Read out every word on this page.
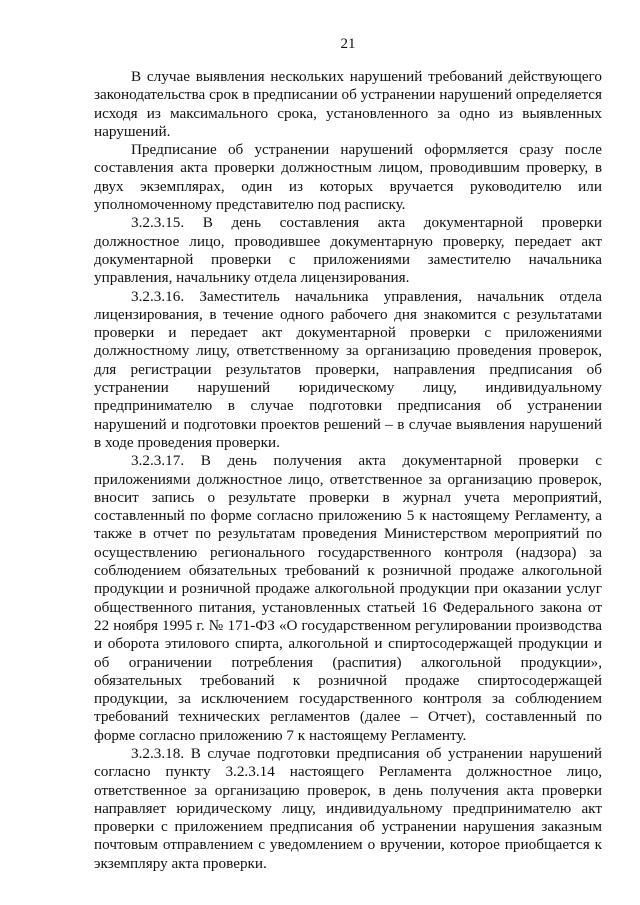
21

В случае выявления нескольких нарушений требований действующего законодательства срок в предписании об устранении нарушений определяется исходя из максимального срока, установленного за одно из выявленных нарушений.

Предписание об устранении нарушений оформляется сразу после составления акта проверки должностным лицом, проводившим проверку, в двух экземплярах, один из которых вручается руководителю или уполномоченному представителю под расписку.

3.2.3.15. В день составления акта документарной проверки должностное лицо, проводившее документарную проверку, передает акт документарной проверки с приложениями заместителю начальника управления, начальнику отдела лицензирования.

3.2.3.16. Заместитель начальника управления, начальник отдела лицензирования, в течение одного рабочего дня знакомится с результатами проверки и передает акт документарной проверки с приложениями должностному лицу, ответственному за организацию проведения проверок, для регистрации результатов проверки, направления предписания об устранении нарушений юридическому лицу, индивидуальному предпринимателю в случае подготовки предписания об устранении нарушений и подготовки проектов решений – в случае выявления нарушений в ходе проведения проверки.

3.2.3.17. В день получения акта документарной проверки с приложениями должностное лицо, ответственное за организацию проверок, вносит запись о результате проверки в журнал учета мероприятий, составленный по форме согласно приложению 5 к настоящему Регламенту, а также в отчет по результатам проведения Министерством мероприятий по осуществлению регионального государственного контроля (надзора) за соблюдением обязательных требований к розничной продаже алкогольной продукции и розничной продаже алкогольной продукции при оказании услуг общественного питания, установленных статьей 16 Федерального закона от 22 ноября 1995 г. № 171-ФЗ «О государственном регулировании производства и оборота этилового спирта, алкогольной и спиртосодержащей продукции и об ограничении потребления (распития) алкогольной продукции», обязательных требований к розничной продаже спиртосодержащей продукции, за исключением государственного контроля за соблюдением требований технических регламентов (далее – Отчет), составленный по форме согласно приложению 7 к настоящему Регламенту.

3.2.3.18. В случае подготовки предписания об устранении нарушений согласно пункту 3.2.3.14 настоящего Регламента должностное лицо, ответственное за организацию проверок, в день получения акта проверки направляет юридическому лицу, индивидуальному предпринимателю акт проверки с приложением предписания об устранении нарушения заказным почтовым отправлением с уведомлением о вручении, которое приобщается к экземпляру акта проверки.
